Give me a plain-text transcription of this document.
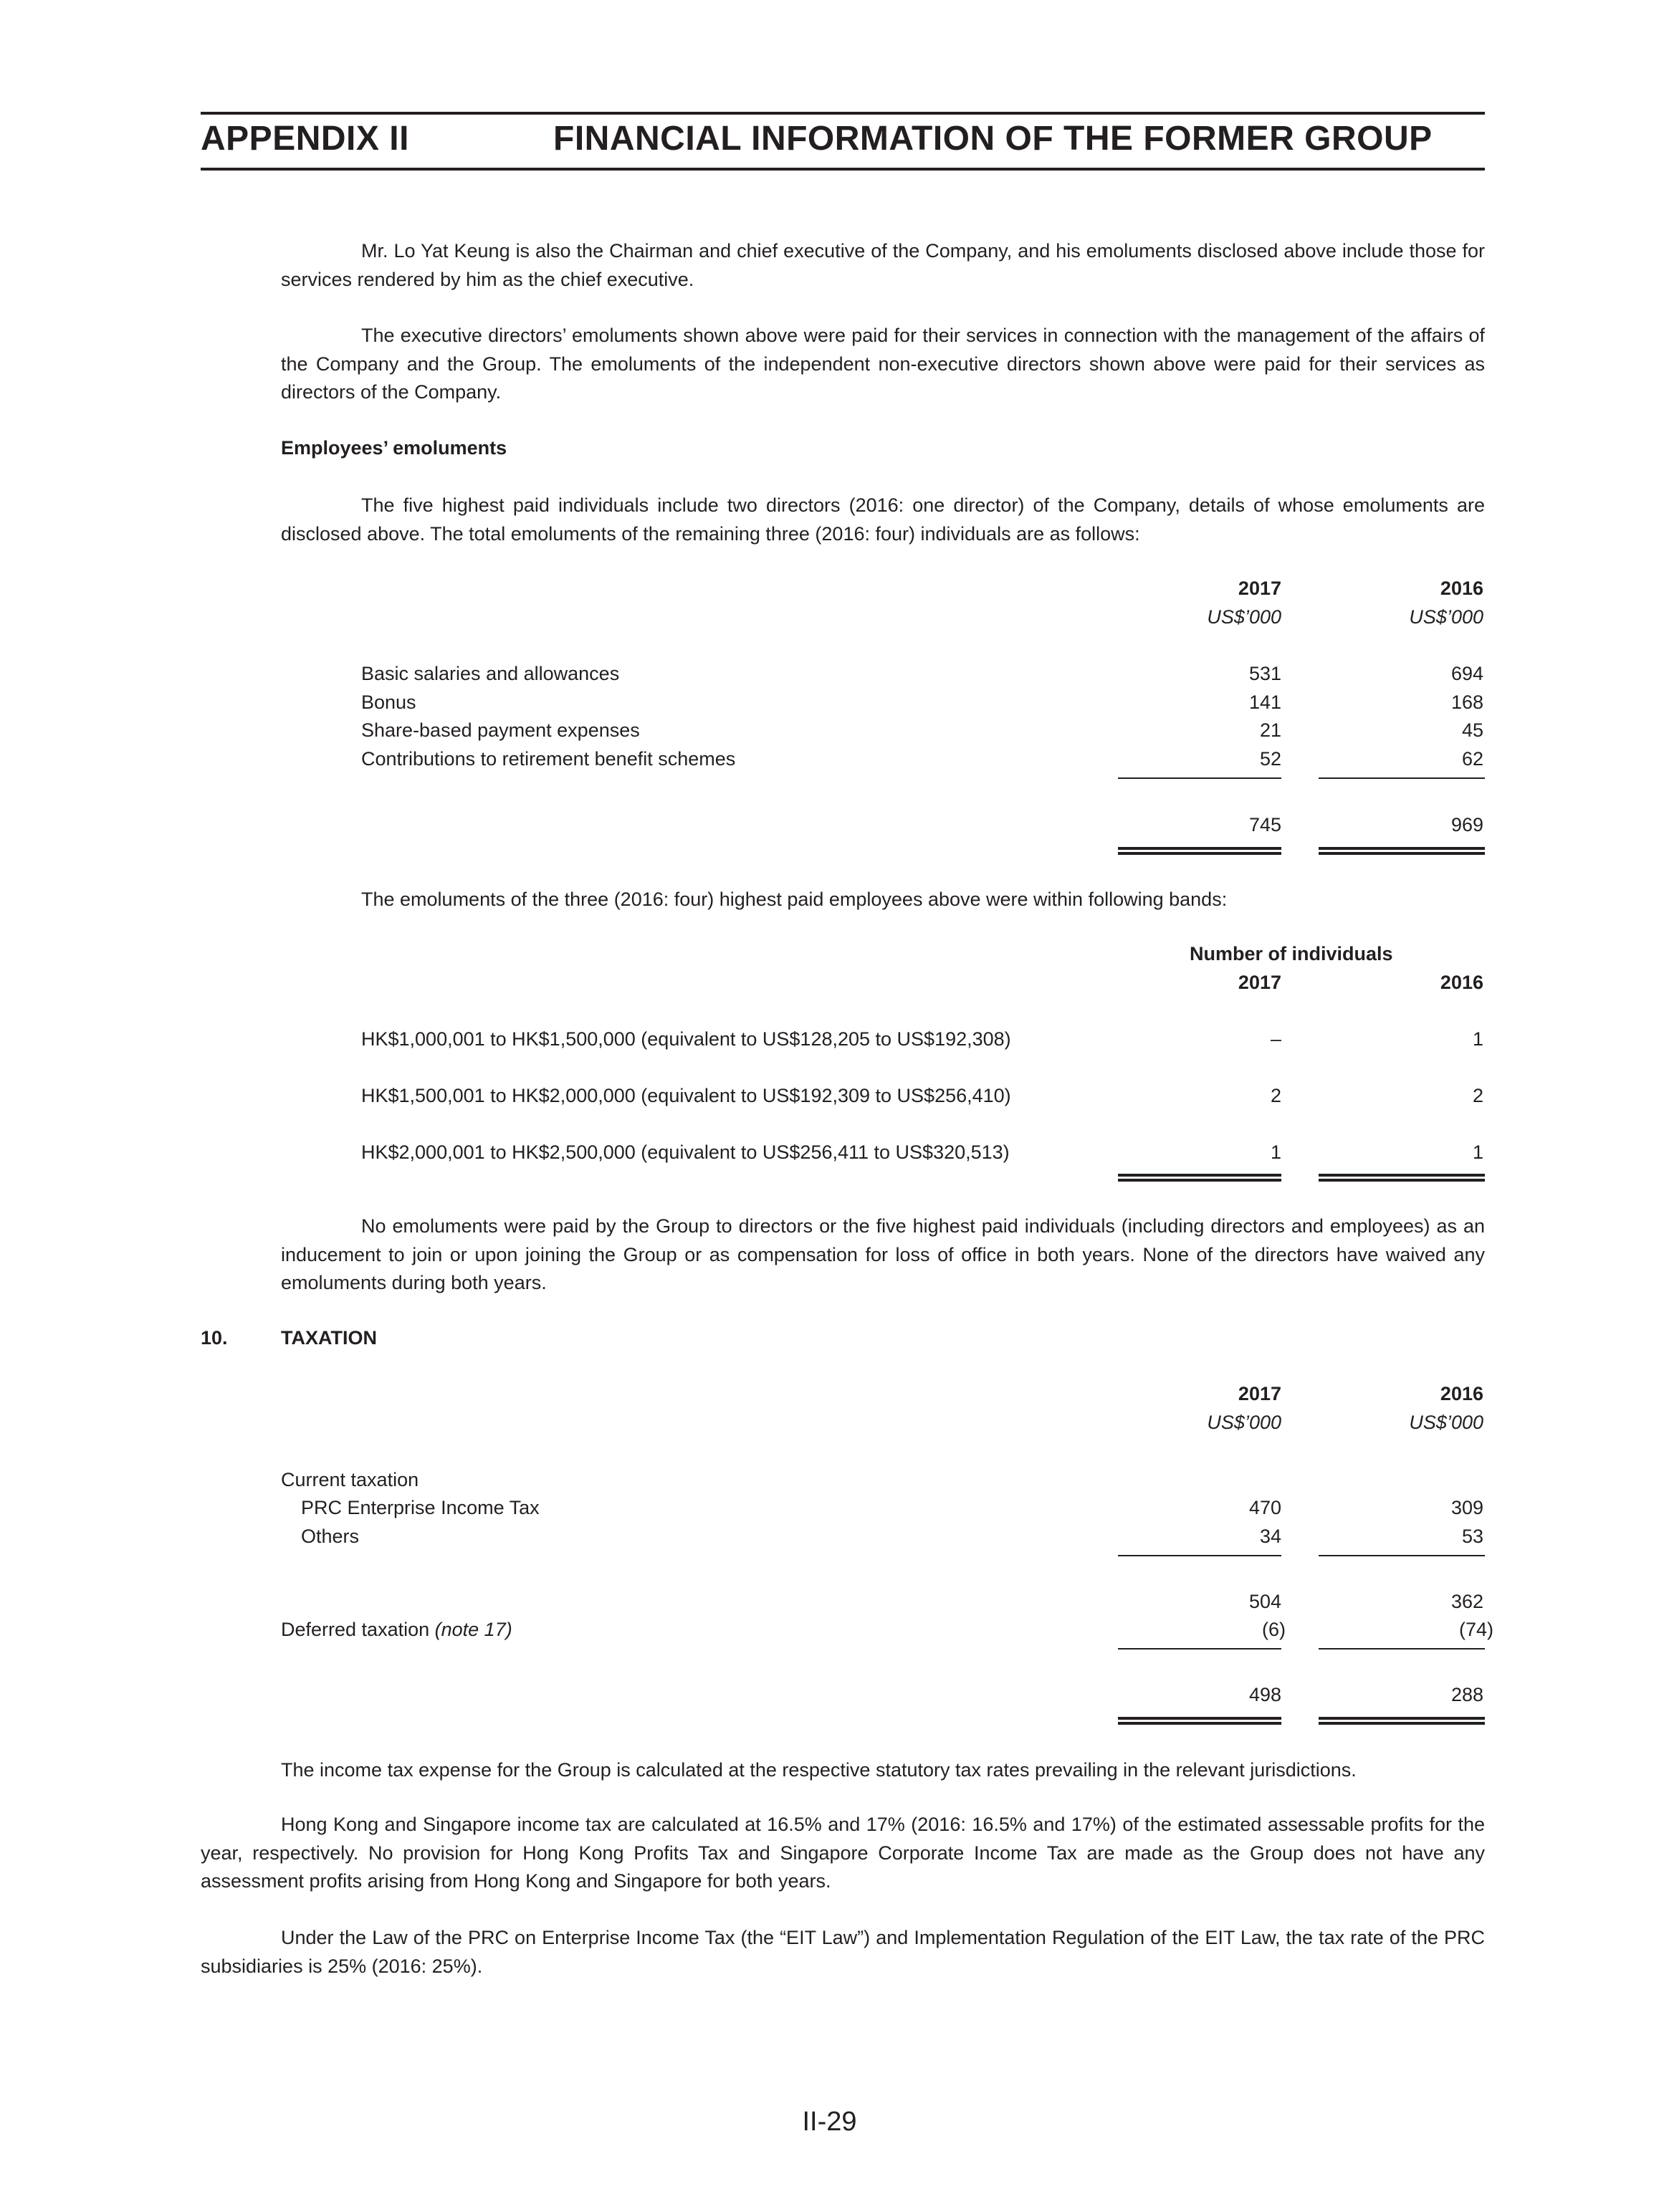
APPENDIX II	FINANCIAL INFORMATION OF THE FORMER GROUP

Mr. Lo Yat Keung is also the Chairman and chief executive of the Company, and his emoluments disclosed above include those for services rendered by him as the chief executive.

The executive directors’ emoluments shown above were paid for their services in connection with the management of the affairs of the Company and the Group. The emoluments of the independent non-executive directors shown above were paid for their services as directors of the Company.

Employees’ emoluments

The five highest paid individuals include two directors (2016: one director) of the Company, details of whose emoluments are disclosed above. The total emoluments of the remaining three (2016: four) individuals are as follows:

2017	2016
US$’000	US$’000
Basic salaries and allowances	531	694
Bonus	141	168
Share-based payment expenses	21	45
Contributions to retirement benefit schemes	52	62
745	969
The emoluments of the three (2016: four) highest paid employees above were within following bands:
Number of individuals
2017	2016
HK$1,000,001 to HK$1,500,000 (equivalent to US$128,205 to US$192,308)	–	1
HK$1,500,001 to HK$2,000,000 (equivalent to US$192,309 to US$256,410)	2	2
HK$2,000,001 to HK$2,500,000 (equivalent to US$256,411 to US$320,513)	1	1

No emoluments were paid by the Group to directors or the five highest paid individuals (including directors and employees) as an inducement to join or upon joining the Group or as compensation for loss of office in both years. None of the directors have waived any emoluments during both years.

10.	TAXATION
2017	2016
US$’000	US$’000
Current taxation
PRC Enterprise Income Tax	470	309
Others	34	53
504	362
Deferred taxation (note 17)	(6)	(74)
498	288
The income tax expense for the Group is calculated at the respective statutory tax rates prevailing in the relevant jurisdictions.

Hong Kong and Singapore income tax are calculated at 16.5% and 17% (2016: 16.5% and 17%) of the estimated assessable profits for the year, respectively. No provision for Hong Kong Profits Tax and Singapore Corporate Income Tax are made as the Group does not have any assessment profits arising from Hong Kong and Singapore for both years.

Under the Law of the PRC on Enterprise Income Tax (the “EIT Law”) and Implementation Regulation of the EIT Law, the tax rate of the PRC subsidiaries is 25% (2016: 25%).

II-29
